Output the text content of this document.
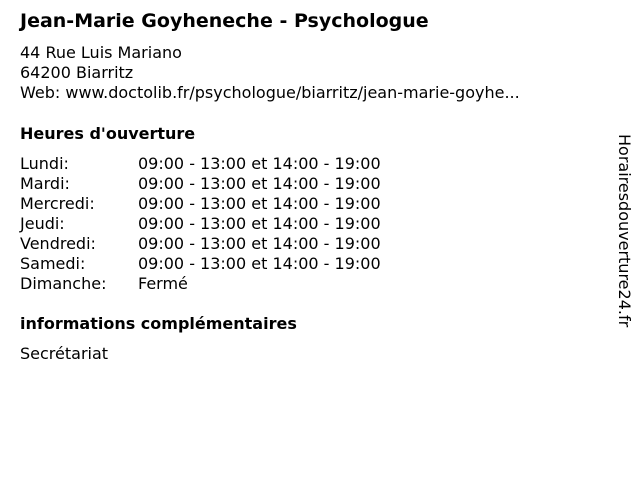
Jean-Marie Goyheneche - Psychologue
44 Rue Luis Mariano
64200 Biarritz
Web: www.doctolib.fr/psychologue/biarritz/jean-marie-goyhe...
Heures d'ouverture
Lundi:	09:00 - 13:00 et 14:00 - 19:00
Mardi:	09:00 - 13:00 et 14:00 - 19:00
Mercredi:	09:00 - 13:00 et 14:00 - 19:00
Jeudi:	09:00 - 13:00 et 14:00 - 19:00
Vendredi:	09:00 - 13:00 et 14:00 - 19:00
Samedi:	09:00 - 13:00 et 14:00 - 19:00
Dimanche:	Fermé
informations complémentaires
Secrétariat
Horairesdouverture24.fr
